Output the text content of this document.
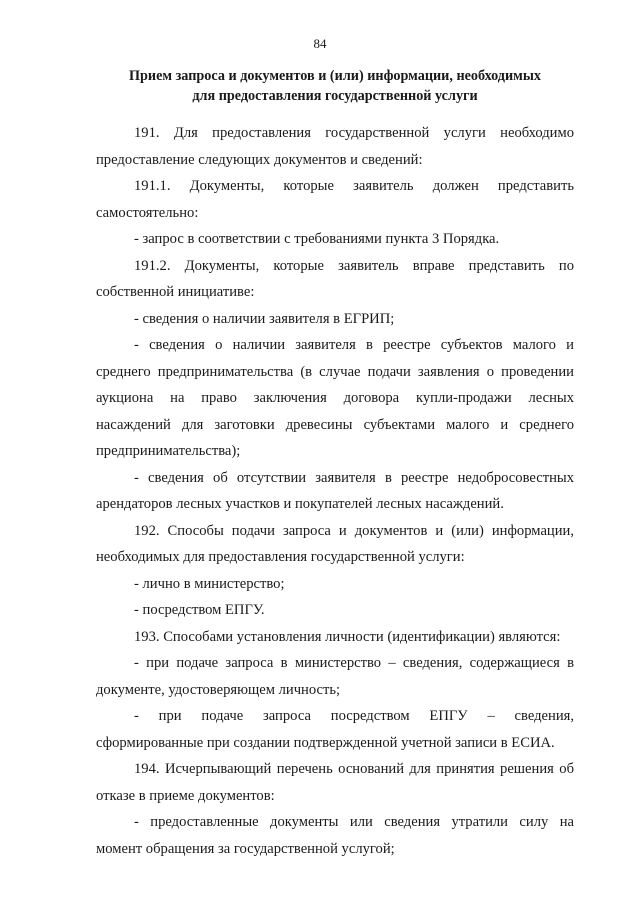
84
Прием запроса и документов и (или) информации, необходимых
для предоставления государственной услуги
191. Для предоставления государственной услуги необходимо
предоставление следующих документов и сведений:
191.1. Документы, которые заявитель должен представить
самостоятельно:
- запрос в соответствии с требованиями пункта 3 Порядка.
191.2. Документы, которые заявитель вправе представить по
собственной инициативе:
- сведения о наличии заявителя в ЕГРИП;
- сведения о наличии заявителя в реестре субъектов малого и
среднего предпринимательства (в случае подачи заявления о проведении
аукциона на право заключения договора купли-продажи лесных
насаждений для заготовки древесины субъектами малого и среднего
предпринимательства);
- сведения об отсутствии заявителя в реестре недобросовестных
арендаторов лесных участков и покупателей лесных насаждений.
192. Способы подачи запроса и документов и (или) информации,
необходимых для предоставления государственной услуги:
- лично в министерство;
- посредством ЕПГУ.
193. Способами установления личности (идентификации) являются:
- при подаче запроса в министерство – сведения, содержащиеся в
документе, удостоверяющем личность;
- при подаче запроса посредством ЕПГУ – сведения,
сформированные при создании подтвержденной учетной записи в ЕСИА.
194. Исчерпывающий перечень оснований для принятия решения об
отказе в приеме документов:
- предоставленные документы или сведения утратили силу на
момент обращения за государственной услугой;
